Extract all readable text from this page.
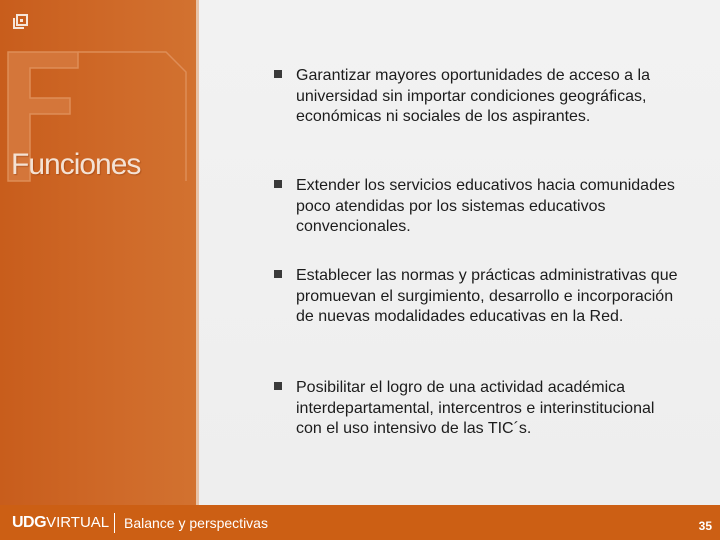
Funciones
Garantizar mayores oportunidades de acceso a la universidad sin importar condiciones geográficas, económicas ni sociales de los aspirantes.
Extender los servicios educativos hacia comunidades poco atendidas por los sistemas educativos convencionales.
Establecer las normas y prácticas administrativas que promuevan el surgimiento, desarrollo e incorporación de nuevas modalidades educativas en la Red.
Posibilitar el logro de una actividad académica interdepartamental, intercentros e interinstitucional con el uso intensivo de las TIC´s.
UDGVIRTUAL Balance y perspectivas	35
